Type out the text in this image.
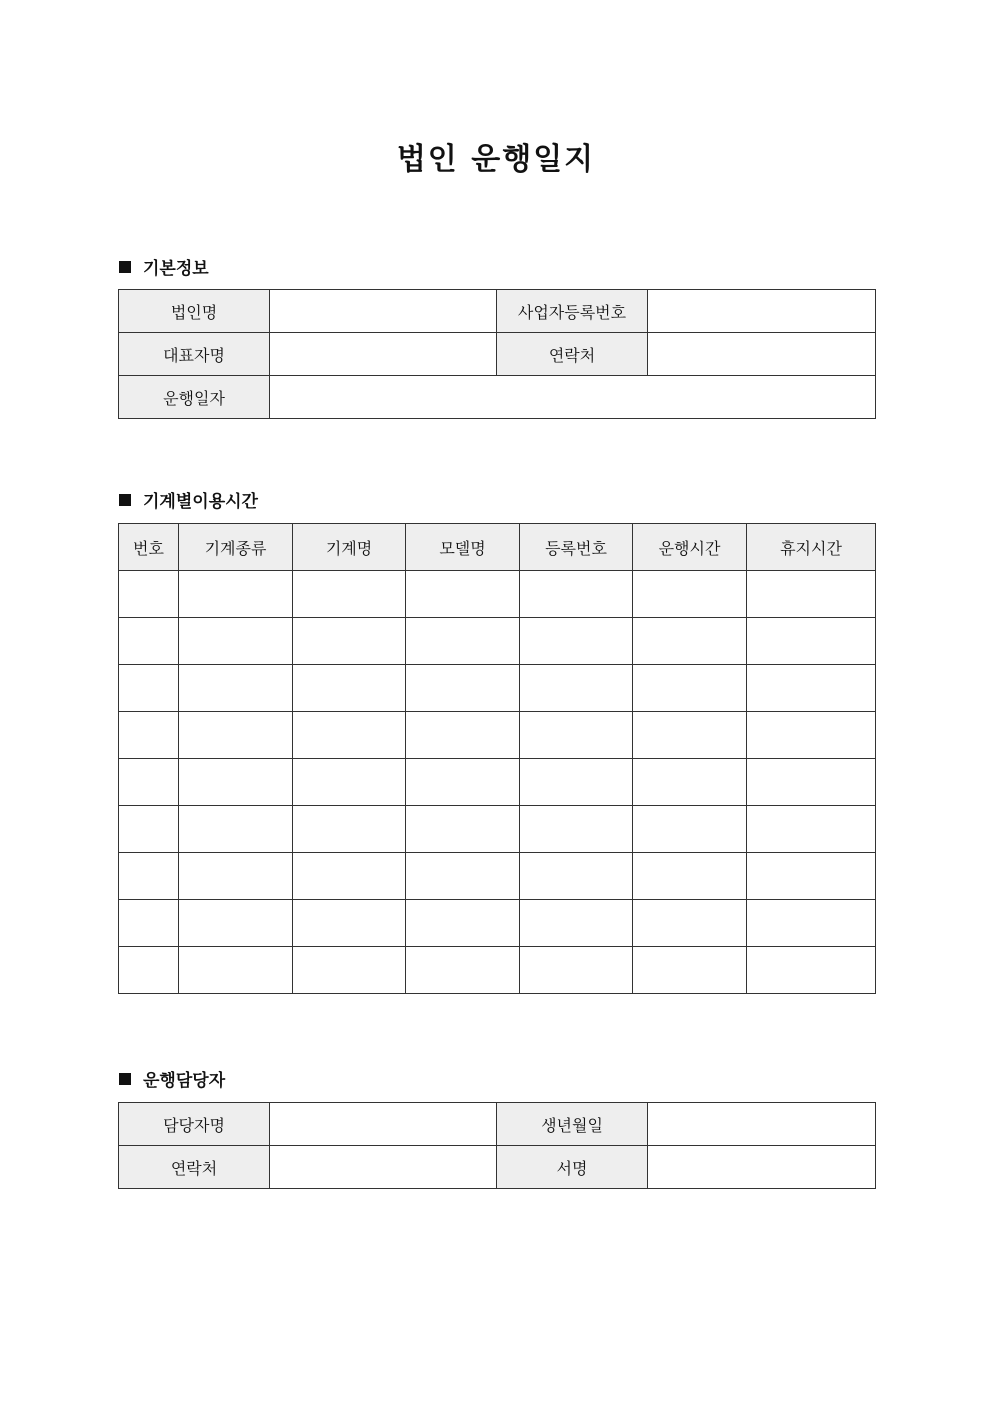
법인 운행일지
기본정보
법인명		사업자등록번호	
대표자명		연락처	
운행일자			
기계별이용시간
번호	기계종류	기계명	모델명	등록번호	운행시간	휴지시간

운행담당자
담당자명		생년월일	
연락처		서명	
